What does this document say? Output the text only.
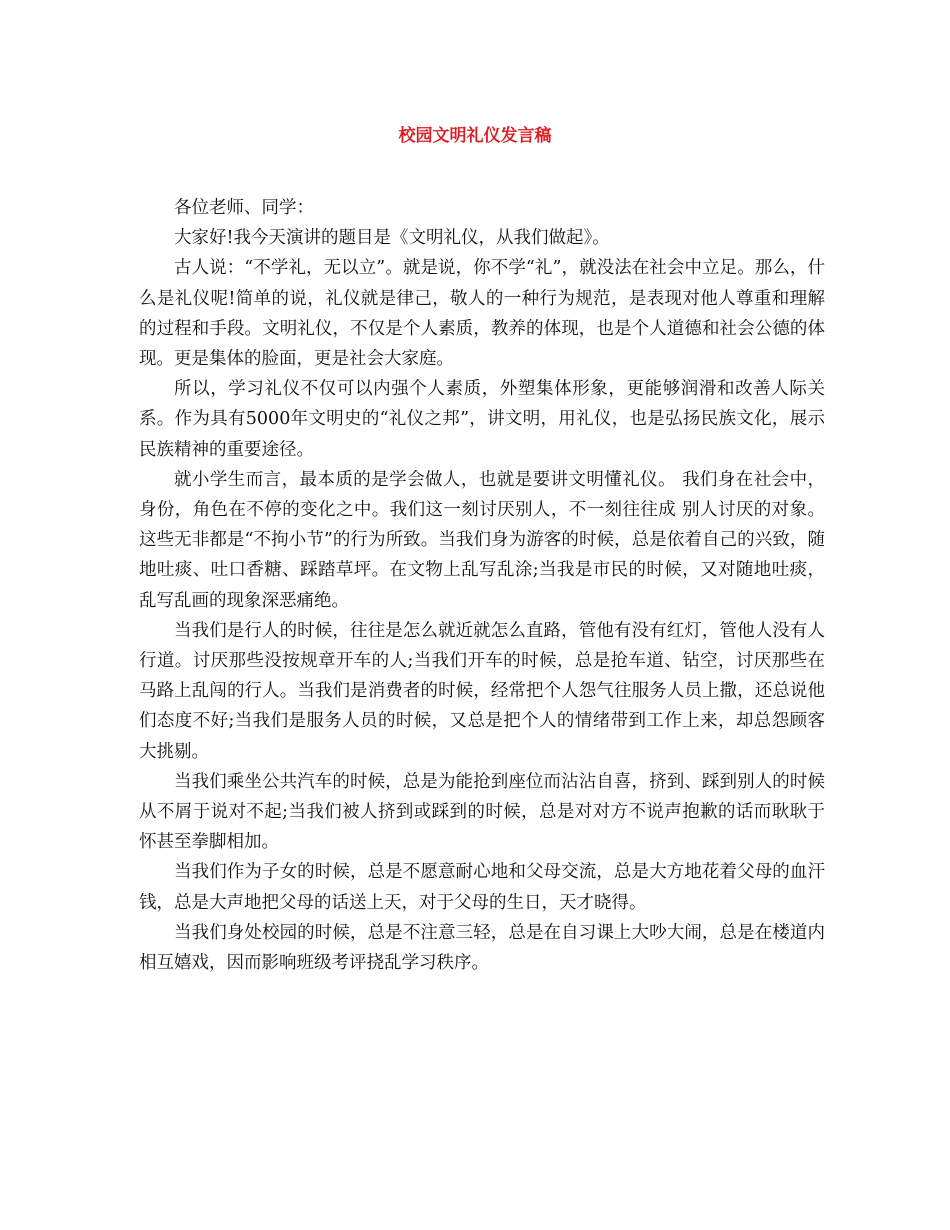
校园文明礼仪发言稿

各位老师、同学：

大家好!我今天演讲的题目是《文明礼仪，从我们做起》。

古人说：“不学礼，无以立”。就是说，你不学“礼”，就没法在社会中立足。那么，什么是礼仪呢!简单的说，礼仪就是律己，敬人的一种行为规范，是表现对他人尊重和理解的过程和手段。文明礼仪，不仅是个人素质，教养的体现，也是个人道德和社会公德的体现。更是集体的脸面，更是社会大家庭。

所以，学习礼仪不仅可以内强个人素质，外塑集体形象，更能够润滑和改善人际关系。作为具有5000年文明史的“礼仪之邦”，讲文明，用礼仪，也是弘扬民族文化，展示民族精神的重要途径。

就小学生而言，最本质的是学会做人，也就是要讲文明懂礼仪。 我们身在社会中，身份，角色在不停的变化之中。我们这一刻讨厌别人，不一刻往往成 别人讨厌的对象。这些无非都是“不拘小节”的行为所致。当我们身为游客的时候，总是依着自己的兴致，随地吐痰、吐口香糖、踩踏草坪。在文物上乱写乱涂;当我是市民的时候，又对随地吐痰，乱写乱画的现象深恶痛绝。

当我们是行人的时候，往往是怎么就近就怎么直路，管他有没有红灯，管他人没有人行道。讨厌那些没按规章开车的人;当我们开车的时候，总是抢车道、钻空，讨厌那些在马路上乱闯的行人。当我们是消费者的时候，经常把个人怨气往服务人员上撒，还总说他们态度不好;当我们是服务人员的时候，又总是把个人的情绪带到工作上来，却总怨顾客大挑剔。

当我们乘坐公共汽车的时候，总是为能抢到座位而沾沾自喜，挤到、踩到别人的时候从不屑于说对不起;当我们被人挤到或踩到的时候，总是对对方不说声抱歉的话而耿耿于怀甚至拳脚相加。

当我们作为子女的时候，总是不愿意耐心地和父母交流，总是大方地花着父母的血汗钱，总是大声地把父母的话送上天，对于父母的生日，天才晓得。

当我们身处校园的时候，总是不注意三轻，总是在自习课上大吵大闹，总是在楼道内相互嬉戏，因而影响班级考评挠乱学习秩序。
